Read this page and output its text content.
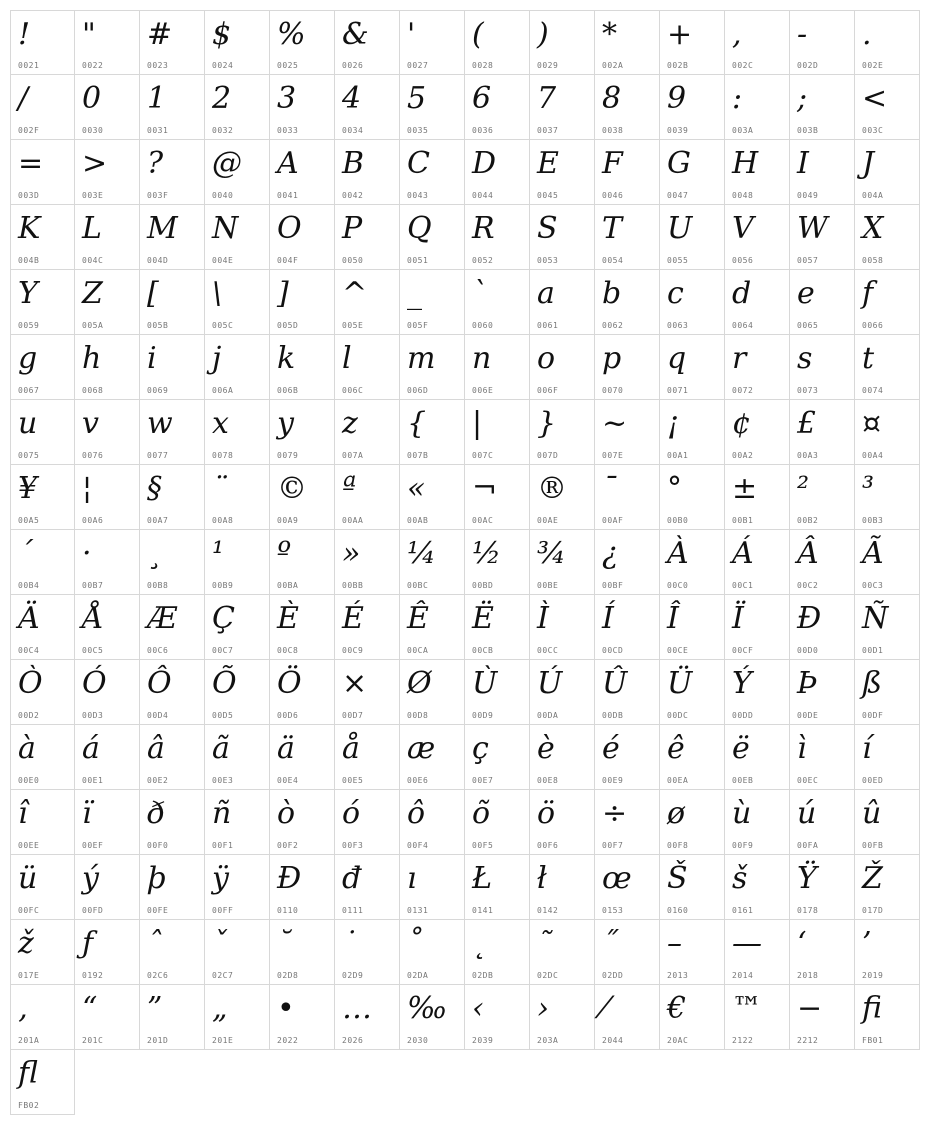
!
0021
"
0022
#
0023
$
0024
%
0025
&
0026
'
0027
(
0028
)
0029
*
002A
+
002B
,
002C
-
002D
.
002E
/
002F
0
0030
1
0031
2
0032
3
0033
4
0034
5
0035
6
0036
7
0037
8
0038
9
0039
:
003A
;
003B
<
003C
=
003D
>
003E
?
003F
@
0040
A
0041
B
0042
C
0043
D
0044
E
0045
F
0046
G
0047
H
0048
I
0049
J
004A
K
004B
L
004C
M
004D
N
004E
O
004F
P
0050
Q
0051
R
0052
S
0053
T
0054
U
0055
V
0056
W
0057
X
0058
Y
0059
Z
005A
[
005B
\
005C
]
005D
^
005E
_
005F
`
0060
a
0061
b
0062
c
0063
d
0064
e
0065
f
0066
g
0067
h
0068
i
0069
j
006A
k
006B
l
006C
m
006D
n
006E
o
006F
p
0070
q
0071
r
0072
s
0073
t
0074
u
0075
v
0076
w
0077
x
0078
y
0079
z
007A
{
007B
|
007C
}
007D
~
007E
¡
00A1
¢
00A2
£
00A3
¤
00A4
¥
00A5
¦
00A6
§
00A7
¨
00A8
©
00A9
ª
00AA
«
00AB
¬
00AC
®
00AE
¯
00AF
°
00B0
±
00B1
²
00B2
³
00B3
´
00B4
·
00B7
¸
00B8
¹
00B9
º
00BA
»
00BB
¼
00BC
½
00BD
¾
00BE
¿
00BF
À
00C0
Á
00C1
Â
00C2
Ã
00C3
Ä
00C4
Å
00C5
Æ
00C6
Ç
00C7
È
00C8
É
00C9
Ê
00CA
Ë
00CB
Ì
00CC
Í
00CD
Î
00CE
Ï
00CF
Ð
00D0
Ñ
00D1
Ò
00D2
Ó
00D3
Ô
00D4
Õ
00D5
Ö
00D6
×
00D7
Ø
00D8
Ù
00D9
Ú
00DA
Û
00DB
Ü
00DC
Ý
00DD
Þ
00DE
ß
00DF
à
00E0
á
00E1
â
00E2
ã
00E3
ä
00E4
å
00E5
æ
00E6
ç
00E7
è
00E8
é
00E9
ê
00EA
ë
00EB
ì
00EC
í
00ED
î
00EE
ï
00EF
ð
00F0
ñ
00F1
ò
00F2
ó
00F3
ô
00F4
õ
00F5
ö
00F6
÷
00F7
ø
00F8
ù
00F9
ú
00FA
û
00FB
ü
00FC
ý
00FD
þ
00FE
ÿ
00FF
Đ
0110
đ
0111
ı
0131
Ł
0141
ł
0142
œ
0153
Š
0160
š
0161
Ÿ
0178
Ž
017D
ž
017E
ƒ
0192
ˆ
02C6
ˇ
02C7
˘
02D8
˙
02D9
˚
02DA
˛
02DB
˜
02DC
˝
02DD
–
2013
—
2014
‘
2018
’
2019
‚
201A
“
201C
”
201D
„
201E
•
2022
…
2026
‰
2030
‹
2039
›
203A
⁄
2044
€
20AC
™
2122
−
2212
ﬁ
FB01
ﬂ
FB02
